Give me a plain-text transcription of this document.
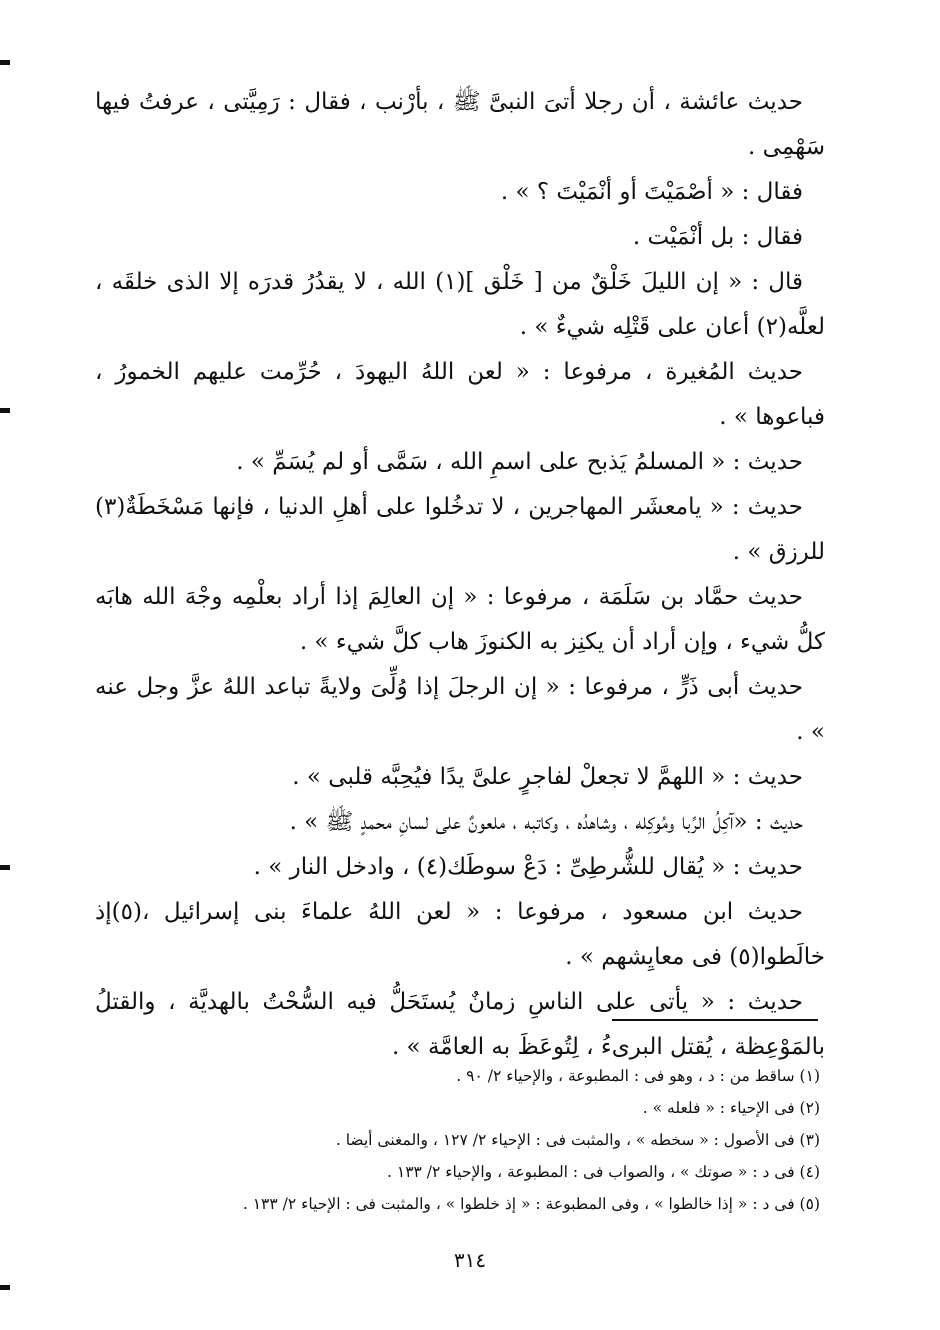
حديث عائشة ، أن رجلا أتىَ النبىَّ ﷺ ، بأرْنب ، فقال : رَمِيَّتى ، عرفتُ فيها سَهْمِى .

فقال : « أصْمَيْتَ أو أنْمَيْتَ ؟ » .

فقال : بل أنْمَيْت .

قال : « إن الليلَ خَلْقٌ من [ خَلْق ](١) الله ، لا يقدُرُ قدرَه إلا الذى خلقَه ، لعلَّه(٢) أعان على قَتْلِه شيءٌ » .

حديث المُغيرة ، مرفوعا : « لعن اللهُ اليهودَ ، حُرِّمت عليهم الخمورُ ، فباعوها » .

حديث : « المسلمُ يَذبح على اسمِ الله ، سَمَّى أو لم يُسَمِّ » .

حديث : « يامعشَر المهاجرين ، لا تدخُلوا على أهلِ الدنيا ، فإنها مَسْخَطَةٌ(٣) للرزق » .

حديث حمَّاد بن سَلَمَة ، مرفوعا : « إن العالِمَ إذا أراد بعلْمِه وجْهَ الله هابَه كلُّ شيء ، وإن أراد أن يكنِز به الكنوزَ هاب كلَّ شيء » .

حديث أبى ذَرٍّ ، مرفوعا : « إن الرجلَ إذا وُلِّىَ ولايةً تباعد اللهُ عزَّ وجل عنه » .

حديث : « اللهمَّ لا تجعلْ لفاجرٍ علىَّ يدًا فيُحِبَّه قلبى » .

حديث : «آكِلُ الرِّبا ومُوكِله ، وشاهدُه ، وكاتبه ، ملعونٌ على لسانِ محمدٍ ﷺ » .

حديث : « يُقال للشُّرطِىِّ : دَعْ سوطَك(٤) ، وادخل النار » .

حديث ابن مسعود ، مرفوعا : « لعن اللهُ علماءَ بنى إسرائيل ،(٥)إذ خالَطوا(٥) فى معايِشهم » .

حديث : « يأتى على الناسِ زمانٌ يُستَحَلُّ فيه السُّحْتُ بالهديَّة ، والقتلُ بالمَوْعِظة ، يُقتل البرىءُ ، لِتُوعَظَ به العامَّة » .

(١) ساقط من : د ، وهو فى : المطبوعة ، والإحياء ٢/ ٩٠ .

(٢) فى الإحياء : « فلعله » .

(٣) فى الأصول : « سخطه » ، والمثبت فى : الإحياء ٢/ ١٢٧ ، والمغنى أيضا .

(٤) فى د : « صوتك » ، والصواب فى : المطبوعة ، والإحياء ٢/ ١٣٣ .

(٥) فى د : « إذا خالطوا » ، وفى المطبوعة : « إذ خلطوا » ، والمثبت فى : الإحياء ٢/ ١٣٣ .

٣١٤
